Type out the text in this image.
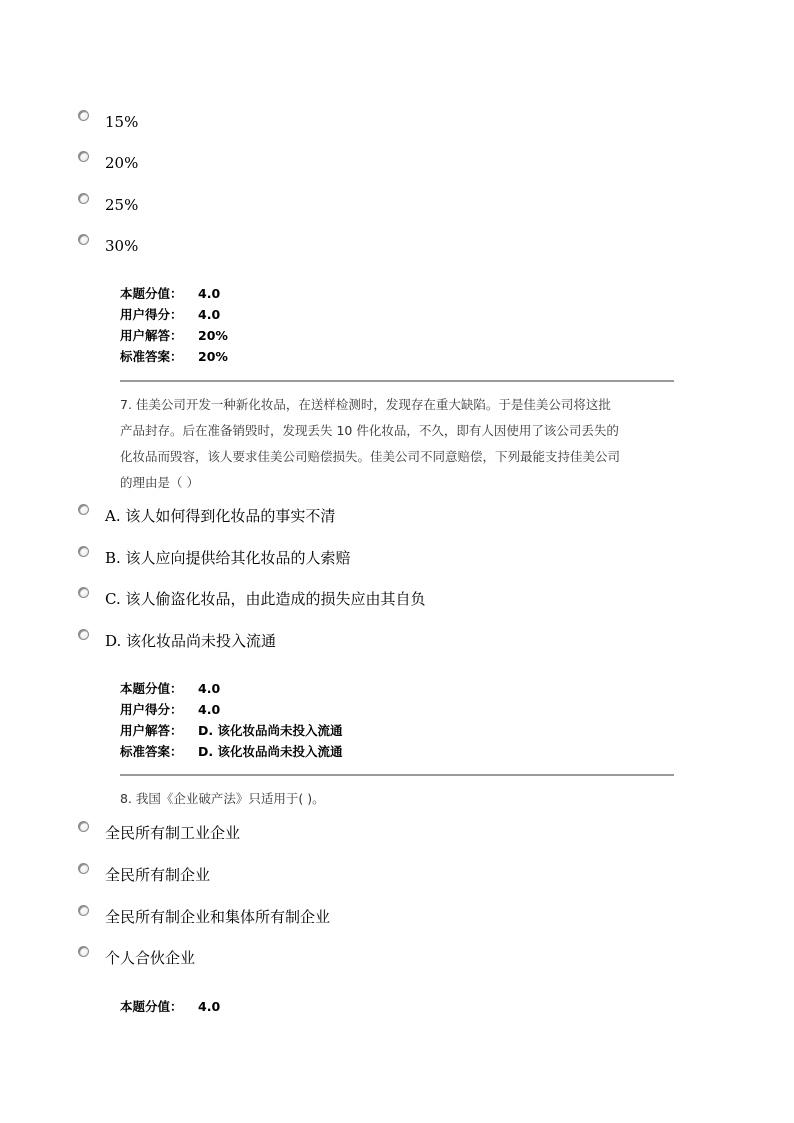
15%
20%
25%
30%
本题分值：	4.0
用户得分：	4.0
用户解答：	20%
标准答案：	20%
7. 佳美公司开发一种新化妆品，在送样检测时，发现存在重大缺陷。于是佳美公司将这批
产品封存。后在准备销毁时，发现丢失 10 件化妆品，不久，即有人因使用了该公司丢失的
化妆品而毁容，该人要求佳美公司赔偿损失。佳美公司不同意赔偿，下列最能支持佳美公司
的理由是（ ）
A. 该人如何得到化妆品的事实不清
B. 该人应向提供给其化妆品的人索赔
C. 该人偷盗化妆品，由此造成的损失应由其自负
D. 该化妆品尚未投入流通
本题分值：	4.0
用户得分：	4.0
用户解答：	D. 该化妆品尚未投入流通
标准答案：	D. 该化妆品尚未投入流通
8. 我国《企业破产法》只适用于( )。
全民所有制工业企业
全民所有制企业
全民所有制企业和集体所有制企业
个人合伙企业
本题分值：	4.0
